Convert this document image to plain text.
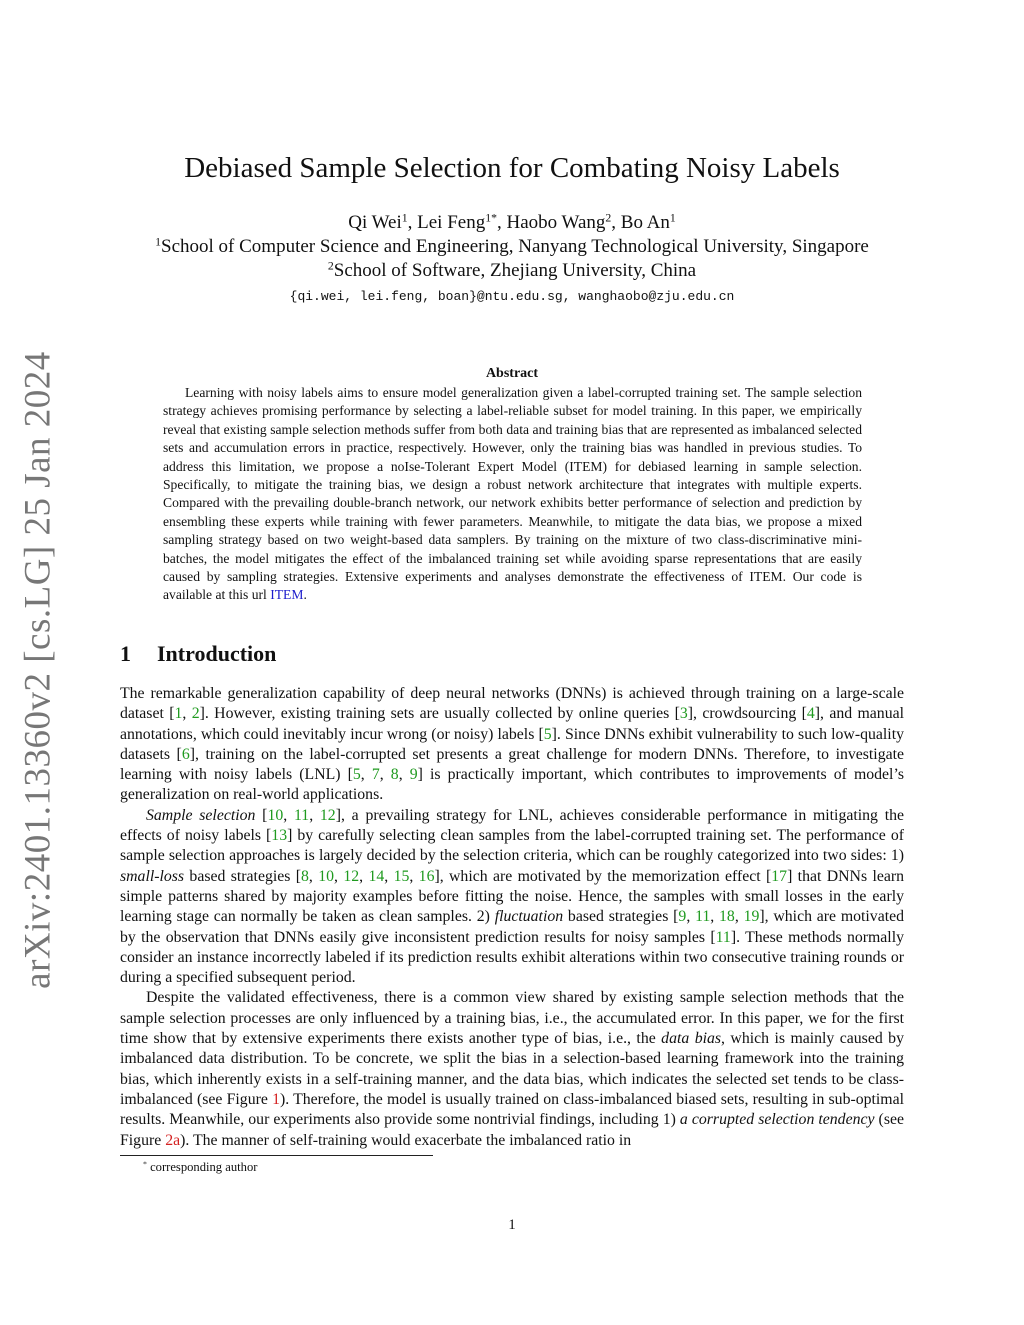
arXiv:2401.13360v2 [cs.LG] 25 Jan 2024
Debiased Sample Selection for Combating Noisy Labels
Qi Wei$^1$, Lei Feng$^{1*}$, Haobo Wang$^2$, Bo An$^1$
$^1$School of Computer Science and Engineering, Nanyang Technological University, Singapore
$^2$School of Software, Zhejiang University, China
{qi.wei, lei.feng, boan}@ntu.edu.sg, wanghaobo@zju.edu.cn
Abstract

Learning with noisy labels aims to ensure model generalization given a label-corrupted training set. The sample selection strategy achieves promising performance by selecting a label-reliable subset for model training. In this paper, we empirically reveal that existing sample selection methods suffer from both data and training bias that are represented as imbalanced selected sets and accumulation errors in practice, respectively. However, only the training bias was handled in previous studies. To address this limitation, we propose a noIse-Tolerant Expert Model (ITEM) for debiased learning in sample selection. Specifically, to mitigate the training bias, we design a robust network architecture that integrates with multiple experts. Compared with the prevailing double-branch network, our network exhibits better performance of selection and prediction by ensembling these experts while training with fewer parameters. Meanwhile, to mitigate the data bias, we propose a mixed sampling strategy based on two weight-based data samplers. By training on the mixture of two class-discriminative mini-batches, the model mitigates the effect of the imbalanced training set while avoiding sparse representations that are easily caused by sampling strategies. Extensive experiments and analyses demonstrate the effectiveness of ITEM. Our code is available at this url ITEM.

1 Introduction

The remarkable generalization capability of deep neural networks (DNNs) is achieved through training on a large-scale dataset [1, 2]. However, existing training sets are usually collected by online queries [3], crowdsourcing [4], and manual annotations, which could inevitably incur wrong (or noisy) labels [5]. Since DNNs exhibit vulnerability to such low-quality datasets [6], training on the label-corrupted set presents a great challenge for modern DNNs. Therefore, to investigate learning with noisy labels (LNL) [5, 7, 8, 9] is practically important, which contributes to improvements of model’s generalization on real-world applications.

Sample selection [10, 11, 12], a prevailing strategy for LNL, achieves considerable performance in mitigating the effects of noisy labels [13] by carefully selecting clean samples from the label-corrupted training set. The performance of sample selection approaches is largely decided by the selection criteria, which can be roughly categorized into two sides: 1) small-loss based strategies [8, 10, 12, 14, 15, 16], which are motivated by the memorization effect [17] that DNNs learn simple patterns shared by majority examples before fitting the noise. Hence, the samples with small losses in the early learning stage can normally be taken as clean samples. 2) fluctuation based strategies [9, 11, 18, 19], which are motivated by the observation that DNNs easily give inconsistent prediction results for noisy samples [11]. These methods normally consider an instance incorrectly labeled if its prediction results exhibit alterations within two consecutive training rounds or during a specified subsequent period.

Despite the validated effectiveness, there is a common view shared by existing sample selection methods that the sample selection processes are only influenced by a training bias, i.e., the accumulated error. In this paper, we for the first time show that by extensive experiments there exists another type of bias, i.e., the data bias, which is mainly caused by imbalanced data distribution. To be concrete, we split the bias in a selection-based learning framework into the training bias, which inherently exists in a self-training manner, and the data bias, which indicates the selected set tends to be class-imbalanced (see Figure 1). Therefore, the model is usually trained on class-imbalanced biased sets, resulting in sub-optimal results. Meanwhile, our experiments also provide some nontrivial findings, including 1) a corrupted selection tendency (see Figure 2a). The manner of self-training would exacerbate the imbalanced ratio in

* corresponding author
1
